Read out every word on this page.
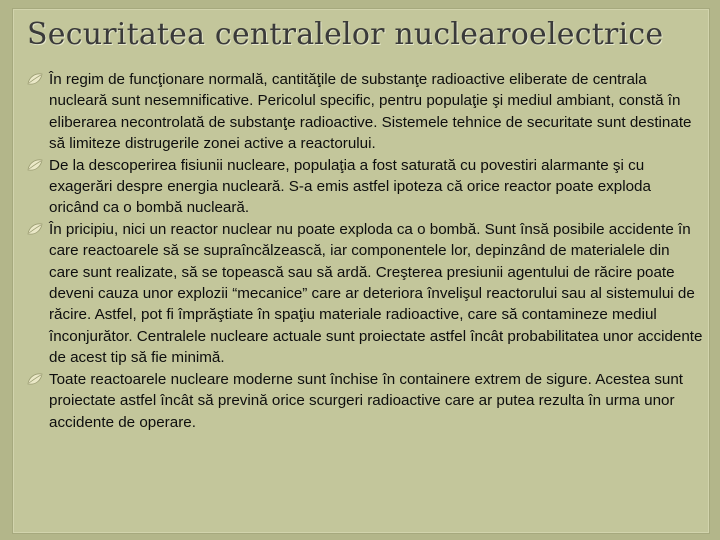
Securitatea centralelor nuclearoelectrice

În regim de funcţionare normală, cantităţile de substanţe radioactive eliberate de centrala nucleară sunt nesemnificative. Pericolul specific, pentru populaţie şi mediul ambiant, constă în eliberarea necontrolată de substanţe radioactive. Sistemele tehnice de securitate sunt destinate să limiteze distrugerile zonei active a reactorului.

De la descoperirea fisiunii nucleare, populaţia a fost saturată cu povestiri alarmante şi cu exagerări despre energia nucleară. S-a emis astfel ipoteza că orice reactor poate exploda oricând ca o bombă nucleară.

În pricipiu, nici un reactor nuclear nu poate exploda ca o bombă. Sunt însă posibile accidente în care reactoarele să se supraîncălzească, iar componentele lor, depinzând de materialele din care sunt realizate, să se topească sau să ardă. Creşterea presiunii agentului de răcire poate deveni cauza unor explozii “mecanice” care ar deteriora învelişul reactorului sau al sistemului de răcire. Astfel, pot fi împrăştiate în spaţiu materiale radioactive, care să contamineze mediul înconjurător. Centralele nucleare actuale sunt proiectate astfel încât probabilitatea unor accidente de acest tip să fie minimă.

Toate reactoarele nucleare moderne sunt închise în containere extrem de sigure. Acestea sunt proiectate astfel încât să prevină orice scurgeri radioactive care ar putea rezulta în urma unor accidente de operare.
